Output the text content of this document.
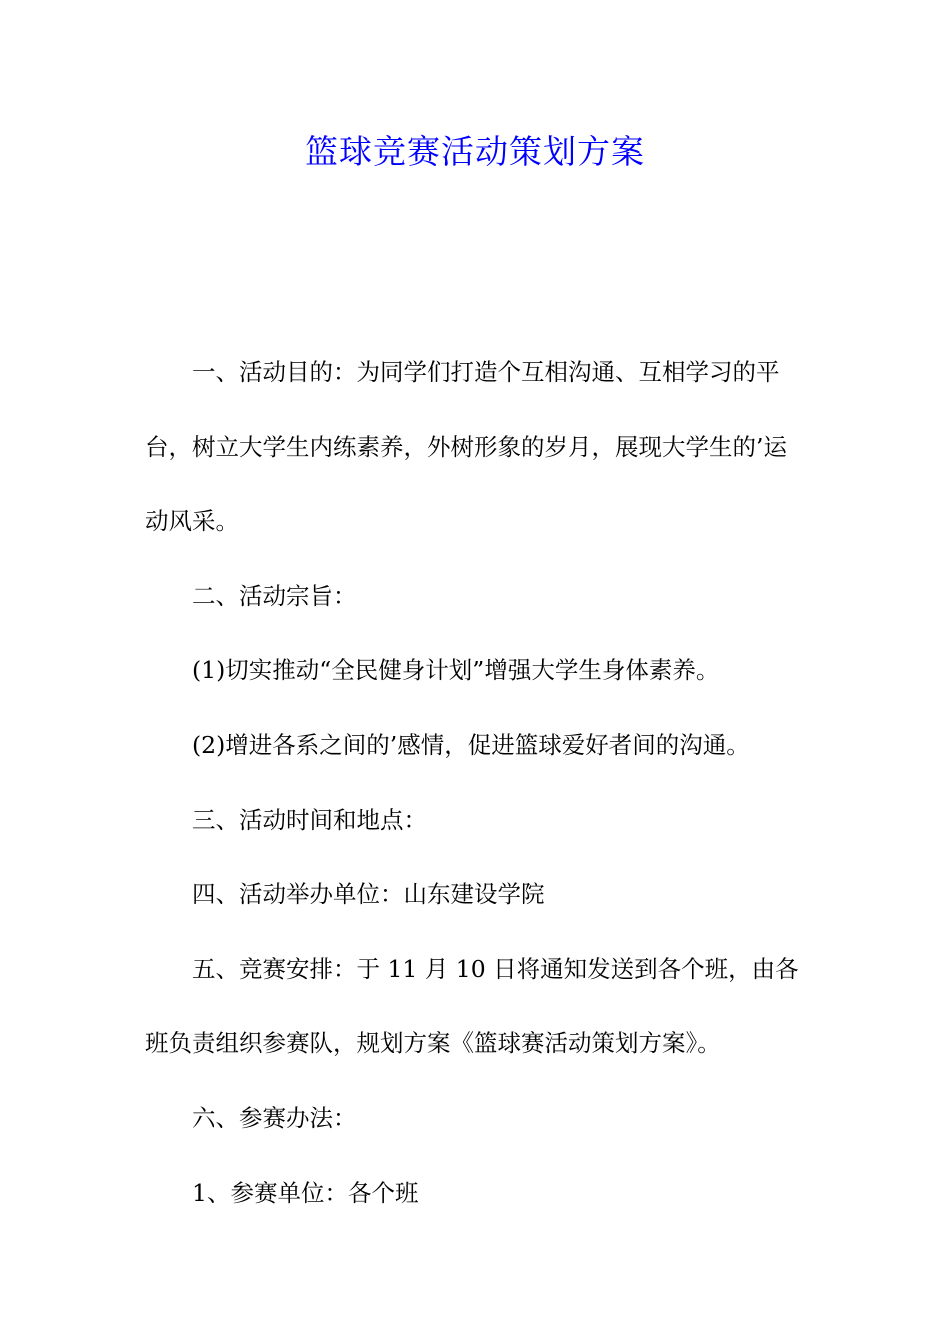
篮球竞赛活动策划方案

一、活动目的：为同学们打造个互相沟通、互相学习的平台，树立大学生内练素养，外树形象的岁月，展现大学生的’运动风采。

二、活动宗旨：

(1)切实推动“全民健身计划”增强大学生身体素养。

(2)增进各系之间的’感情，促进篮球爱好者间的沟通。

三、活动时间和地点：

四、活动举办单位：山东建设学院

五、竞赛安排：于 11 月 10 日将通知发送到各个班，由各班负责组织参赛队，规划方案《篮球赛活动策划方案》。

六、参赛办法：

1、参赛单位：各个班
